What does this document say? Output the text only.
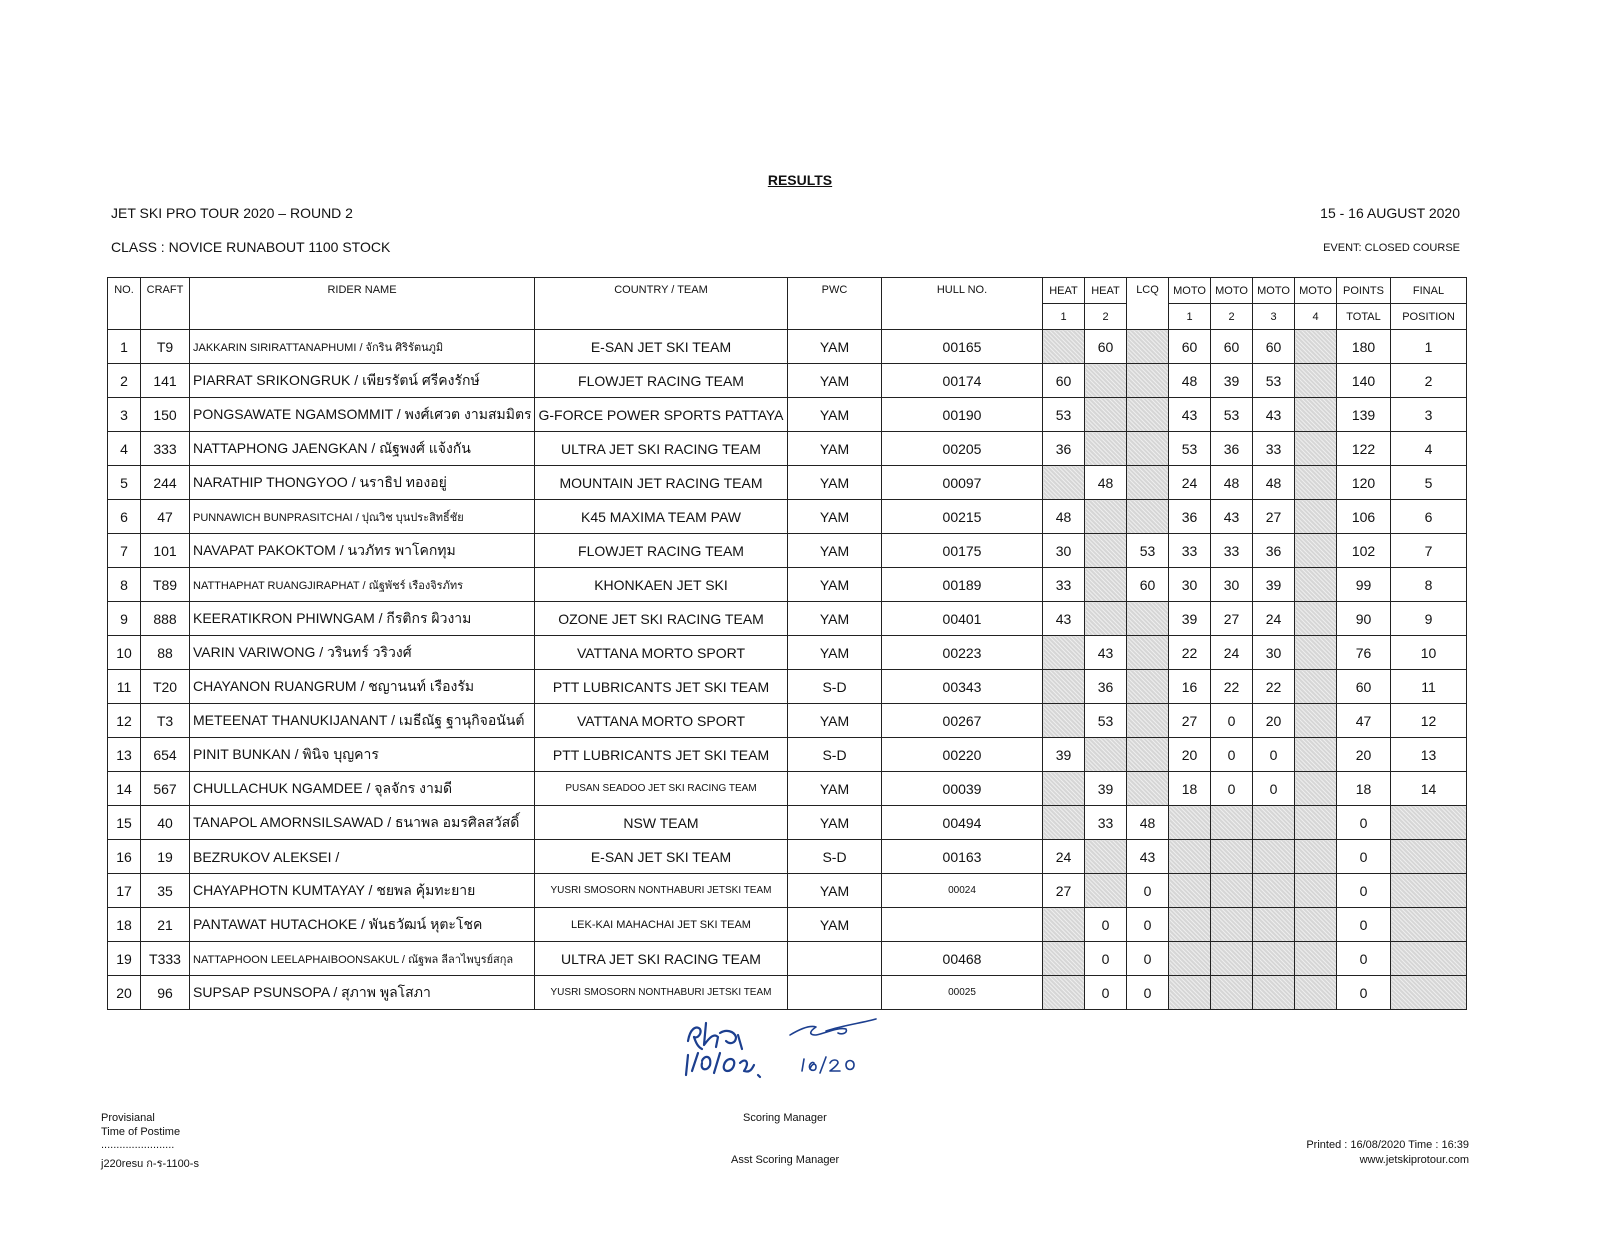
RESULTS
JET SKI PRO TOUR 2020 – ROUND 2	15 - 16 AUGUST 2020
CLASS : NOVICE RUNABOUT 1100 STOCK	EVENT: CLOSED COURSE
NO.	CRAFT	RIDER NAME	COUNTRY / TEAM	PWC	HULL NO.	HEAT	HEAT	LCQ	MOTO	MOTO	MOTO	MOTO	POINTS	FINAL
						1	2		1	2	3	4	TOTAL	POSITION
1	T9	JAKKARIN SIRIRATTANAPHUMI / จักริน ศิริรัตนภูมิ	E-SAN JET SKI TEAM	YAM	00165		60		60	60	60		180	1
2	141	PIARRAT SRIKONGRUK / เพียรรัตน์ ศรีคงรักษ์	FLOWJET RACING TEAM	YAM	00174	60			48	39	53		140	2
3	150	PONGSAWATE NGAMSOMMIT / พงศ์เศวต งามสมมิตร	G-FORCE POWER SPORTS PATTAYA	YAM	00190	53			43	53	43		139	3
4	333	NATTAPHONG JAENGKAN / ณัฐพงศ์ แจ้งกัน	ULTRA JET SKI RACING TEAM	YAM	00205	36			53	36	33		122	4
5	244	NARATHIP THONGYOO / นราธิป ทองอยู่	MOUNTAIN JET RACING TEAM	YAM	00097		48		24	48	48		120	5
6	47	PUNNAWICH BUNPRASITCHAI / ปุณวิช บุนประสิทธิ์ชัย	K45 MAXIMA TEAM PAW	YAM	00215	48			36	43	27		106	6
7	101	NAVAPAT PAKOKTOM / นวภัทร พาโคกทุม	FLOWJET RACING TEAM	YAM	00175	30		53	33	33	36		102	7
8	T89	NATTHAPHAT RUANGJIRAPHAT / ณัฐพัชร์ เรืองจิรภัทร	KHONKAEN JET SKI	YAM	00189	33		60	30	30	39		99	8
9	888	KEERATIKRON PHIWNGAM / กีรติกร ผิวงาม	OZONE JET SKI RACING TEAM	YAM	00401	43			39	27	24		90	9
10	88	VARIN VARIWONG / วรินทร์ วริวงศ์	VATTANA MORTO SPORT	YAM	00223		43		22	24	30		76	10
11	T20	CHAYANON RUANGRUM / ชญานนท์ เรืองรัม	PTT LUBRICANTS JET SKI TEAM	S-D	00343		36		16	22	22		60	11
12	T3	METEENAT THANUKIJANANT / เมธีณัฐ ฐานุกิจอนันต์	VATTANA MORTO SPORT	YAM	00267		53		27	0	20		47	12
13	654	PINIT BUNKAN / พินิจ บุญคาร	PTT LUBRICANTS JET SKI TEAM	S-D	00220	39			20	0	0		20	13
14	567	CHULLACHUK NGAMDEE / จุลจักร งามดี	PUSAN SEADOO JET SKI RACING TEAM	YAM	00039		39		18	0	0		18	14
15	40	TANAPOL AMORNSILSAWAD / ธนาพล อมรศิลสวัสดิ์	NSW TEAM	YAM	00494		33	48					0	
16	19	BEZRUKOV ALEKSEI /	E-SAN JET SKI TEAM	S-D	00163	24		43					0	
17	35	CHAYAPHOTN KUMTAYAY / ชยพล คุ้มทะยาย	YUSRI SMOSORN NONTHABURI JETSKI TEAM	YAM	00024	27		0					0	
18	21	PANTAWAT HUTACHOKE / พันธวัฒน์ หุตะโชค	LEK-KAI MAHACHAI JET SKI TEAM	YAM			0	0					0	
19	T333	NATTAPHOON LEELAPHAIBOONSAKUL / ณัฐพล ลีลาไพบูรย์สกุล	ULTRA JET SKI RACING TEAM		00468		0	0					0	
20	96	SUPSAP PSUNSOPA / สุภาพ พูลโสภา	YUSRI SMOSORN NONTHABURI JETSKI TEAM		00025		0	0					0	
Provisianal
Time of Postime
........................
j220resu ก-ร-1100-s
Scoring Manager
Asst Scoring Manager
Printed : 16/08/2020 Time : 16:39
www.jetskiprotour.com
